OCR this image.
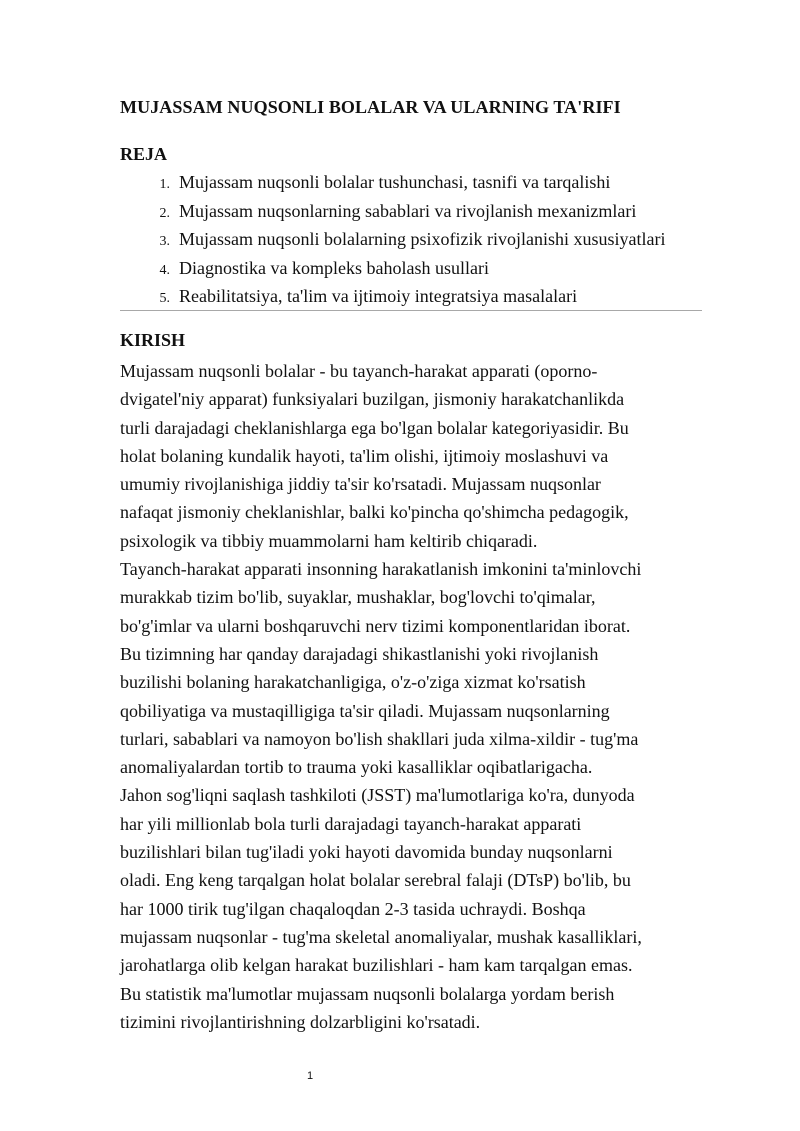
MUJASSAM NUQSONLI BOLALAR VA ULARNING TA'RIFI
REJA
1. Mujassam nuqsonli bolalar tushunchasi, tasnifi va tarqalishi
2. Mujassam nuqsonlarning sabablari va rivojlanish mexanizmlari
3. Mujassam nuqsonli bolalarning psixofizik rivojlanishi xususiyatlari
4. Diagnostika va kompleks baholash usullari
5. Reabilitatsiya, ta'lim va ijtimoiy integratsiya masalalari
KIRISH
Mujassam nuqsonli bolalar - bu tayanch-harakat apparati (oporno-
dvigatel'niy apparat) funksiyalari buzilgan, jismoniy harakatchanlikda
turli darajadagi cheklanishlarga ega bo'lgan bolalar kategoriyasidir. Bu
holat bolaning kundalik hayoti, ta'lim olishi, ijtimoiy moslashuvi va
umumiy rivojlanishiga jiddiy ta'sir ko'rsatadi. Mujassam nuqsonlar
nafaqat jismoniy cheklanishlar, balki ko'pincha qo'shimcha pedagogik,
psixologik va tibbiy muammolarni ham keltirib chiqaradi.
Tayanch-harakat apparati insonning harakatlanish imkonini ta'minlovchi
murakkab tizim bo'lib, suyaklar, mushaklar, bog'lovchi to'qimalar,
bo'g'imlar va ularni boshqaruvchi nerv tizimi komponentlaridan iborat.
Bu tizimning har qanday darajadagi shikastlanishi yoki rivojlanish
buzilishi bolaning harakatchanligiga, o'z-o'ziga xizmat ko'rsatish
qobiliyatiga va mustaqilligiga ta'sir qiladi. Mujassam nuqsonlarning
turlari, sabablari va namoyon bo'lish shakllari juda xilma-xildir - tug'ma
anomaliyalardan tortib to trauma yoki kasalliklar oqibatlarigacha.
Jahon sog'liqni saqlash tashkiloti (JSST) ma'lumotlariga ko'ra, dunyoda
har yili millionlab bola turli darajadagi tayanch-harakat apparati
buzilishlari bilan tug'iladi yoki hayoti davomida bunday nuqsonlarni
oladi. Eng keng tarqalgan holat bolalar serebral falaji (DTsP) bo'lib, bu
har 1000 tirik tug'ilgan chaqaloqdan 2-3 tasida uchraydi. Boshqa
mujassam nuqsonlar - tug'ma skeletal anomaliyalar, mushak kasalliklari,
jarohatlarga olib kelgan harakat buzilishlari - ham kam tarqalgan emas.
Bu statistik ma'lumotlar mujassam nuqsonli bolalarga yordam berish
tizimini rivojlantirishning dolzarbligini ko'rsatadi.
1
